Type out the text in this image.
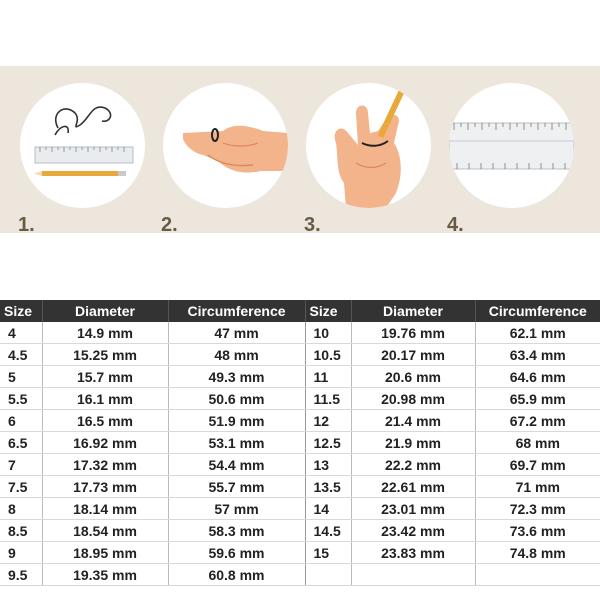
1.	2.	3.	4.
Size	Diameter	Circumference	Size	Diameter	Circumference
4	14.9 mm	47 mm	10	19.76 mm	62.1 mm
4.5	15.25 mm	48 mm	10.5	20.17 mm	63.4 mm
5	15.7 mm	49.3 mm	11	20.6 mm	64.6 mm
5.5	16.1 mm	50.6 mm	11.5	20.98 mm	65.9 mm
6	16.5 mm	51.9 mm	12	21.4 mm	67.2 mm
6.5	16.92 mm	53.1 mm	12.5	21.9 mm	68 mm
7	17.32 mm	54.4 mm	13	22.2 mm	69.7 mm
7.5	17.73 mm	55.7 mm	13.5	22.61 mm	71 mm
8	18.14 mm	57 mm	14	23.01 mm	72.3 mm
8.5	18.54 mm	58.3 mm	14.5	23.42 mm	73.6 mm
9	18.95 mm	59.6 mm	15	23.83 mm	74.8 mm
9.5	19.35 mm	60.8 mm			
